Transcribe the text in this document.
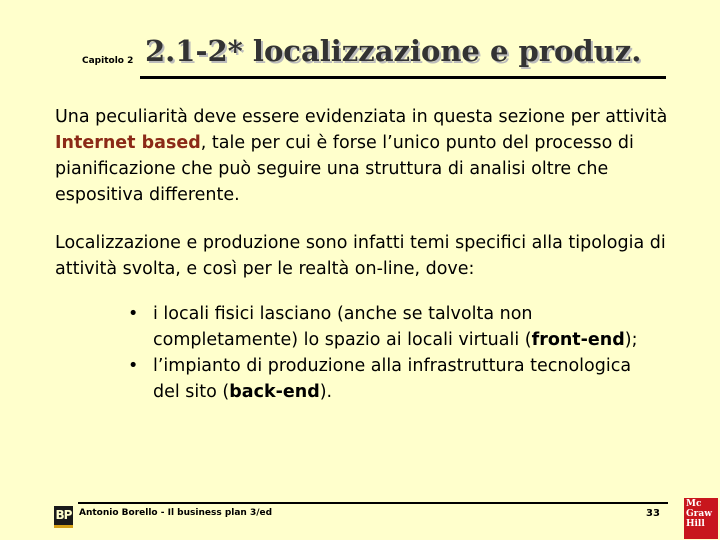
Capitolo 2 2.1-2* localizzazione e produz.
Una peculiarità deve essere evidenziata in questa sezione per attività Internet based, tale per cui è forse l’unico punto del processo di pianificazione che può seguire una struttura di analisi oltre che espositiva differente.
Localizzazione e produzione sono infatti temi specifici alla tipologia di attività svolta, e così per le realtà on-line, dove:
• i locali fisici lasciano (anche se talvolta non completamente) lo spazio ai locali virtuali (front-end);
• l’impianto di produzione alla infrastruttura tecnologica del sito (back-end).
BP Antonio Borello - Il business plan 3/ed	33
Mc
Graw
Hill
